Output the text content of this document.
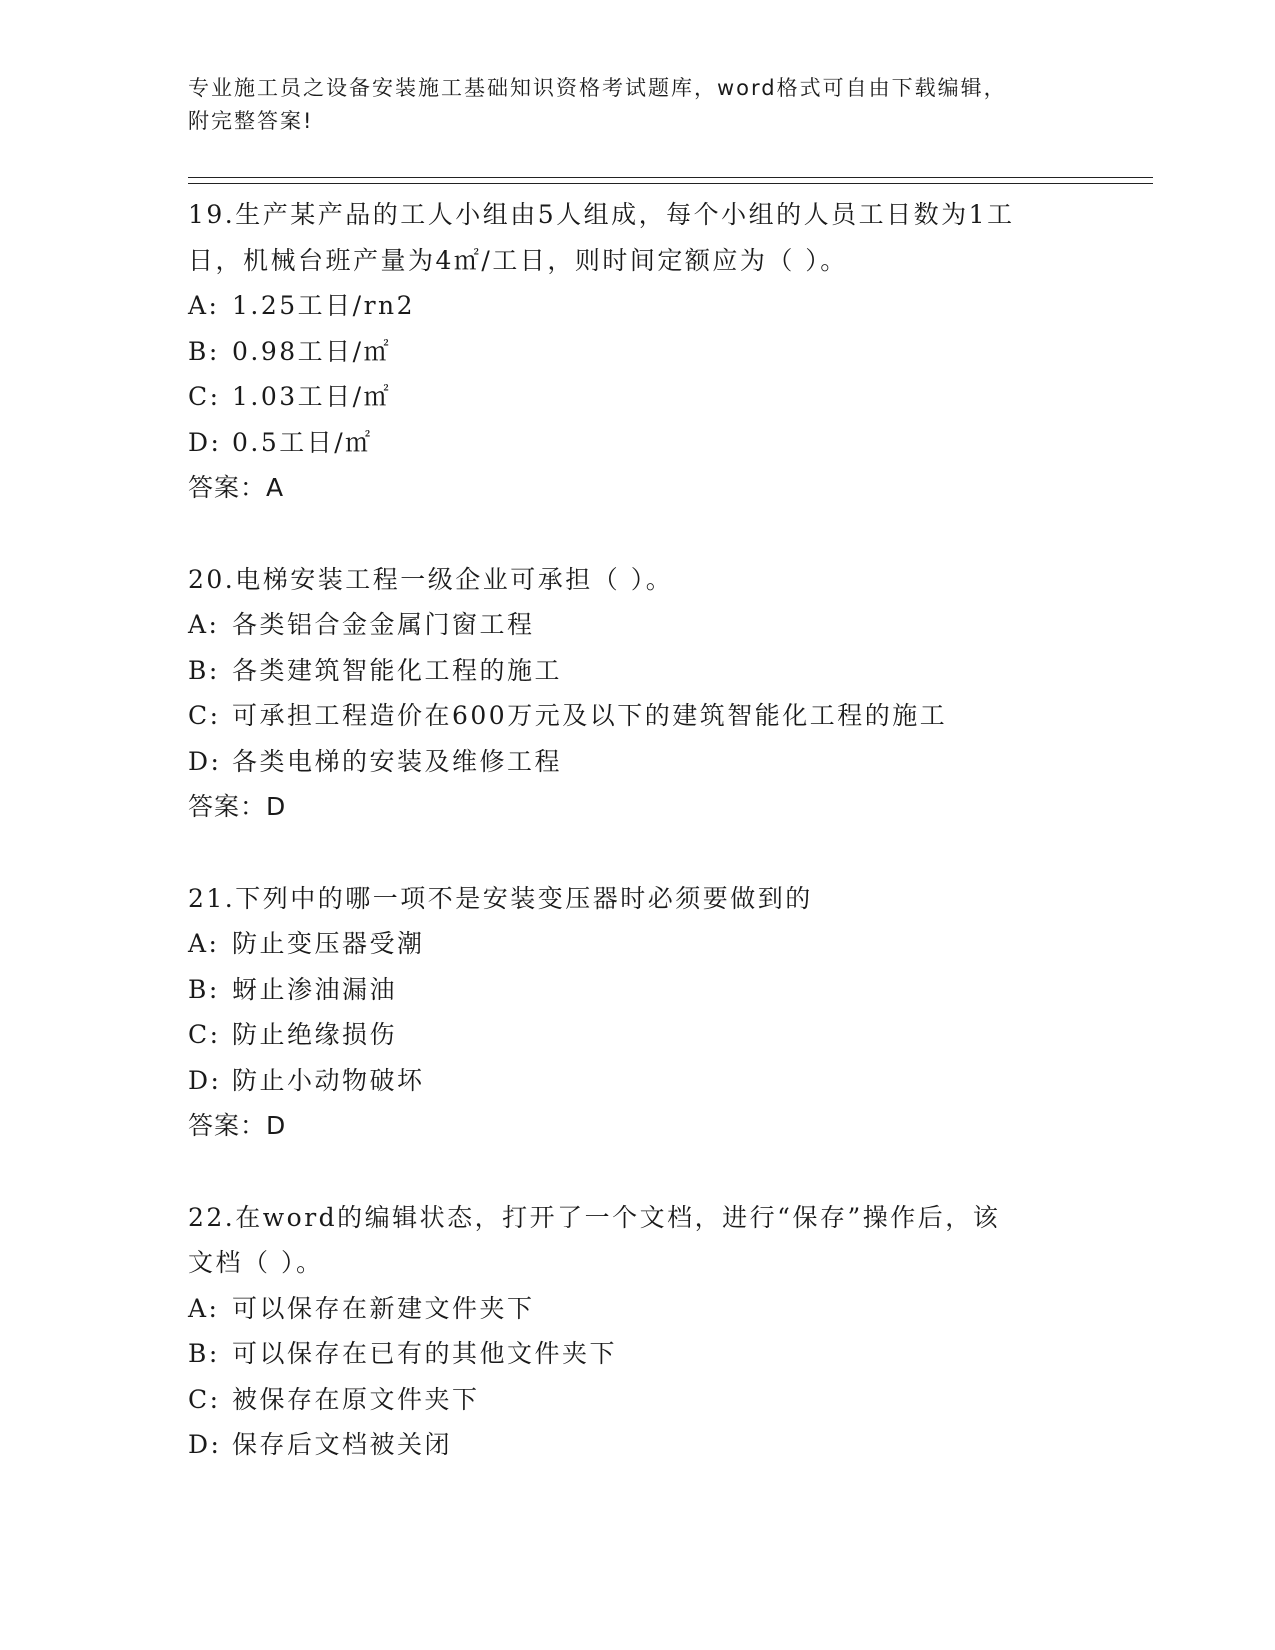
专业施工员之设备安装施工基础知识资格考试题库，word格式可自由下载编辑，
附完整答案!
19.生产某产品的工人小组由5人组成，每个小组的人员工日数为1工
日，机械台班产量为4㎡/工日，则时间定额应为（ ）。
A: 1.25工日/rn2
B: 0.98工日/㎡
C: 1.03工日/㎡
D: 0.5工日/㎡
答案：A
20.电梯安装工程一级企业可承担（ ）。
A: 各类铝合金金属门窗工程
B: 各类建筑智能化工程的施工
C: 可承担工程造价在600万元及以下的建筑智能化工程的施工
D: 各类电梯的安装及维修工程
答案：D
21.下列中的哪一项不是安装变压器时必须要做到的
A: 防止变压器受潮
B: 蚜止渗油漏油
C: 防止绝缘损伤
D: 防止小动物破坏
答案：D
22.在word的编辑状态，打开了一个文档，进行“保存”操作后，该
文档（ ）。
A: 可以保存在新建文件夹下
B: 可以保存在已有的其他文件夹下
C: 被保存在原文件夹下
D: 保存后文档被关闭
